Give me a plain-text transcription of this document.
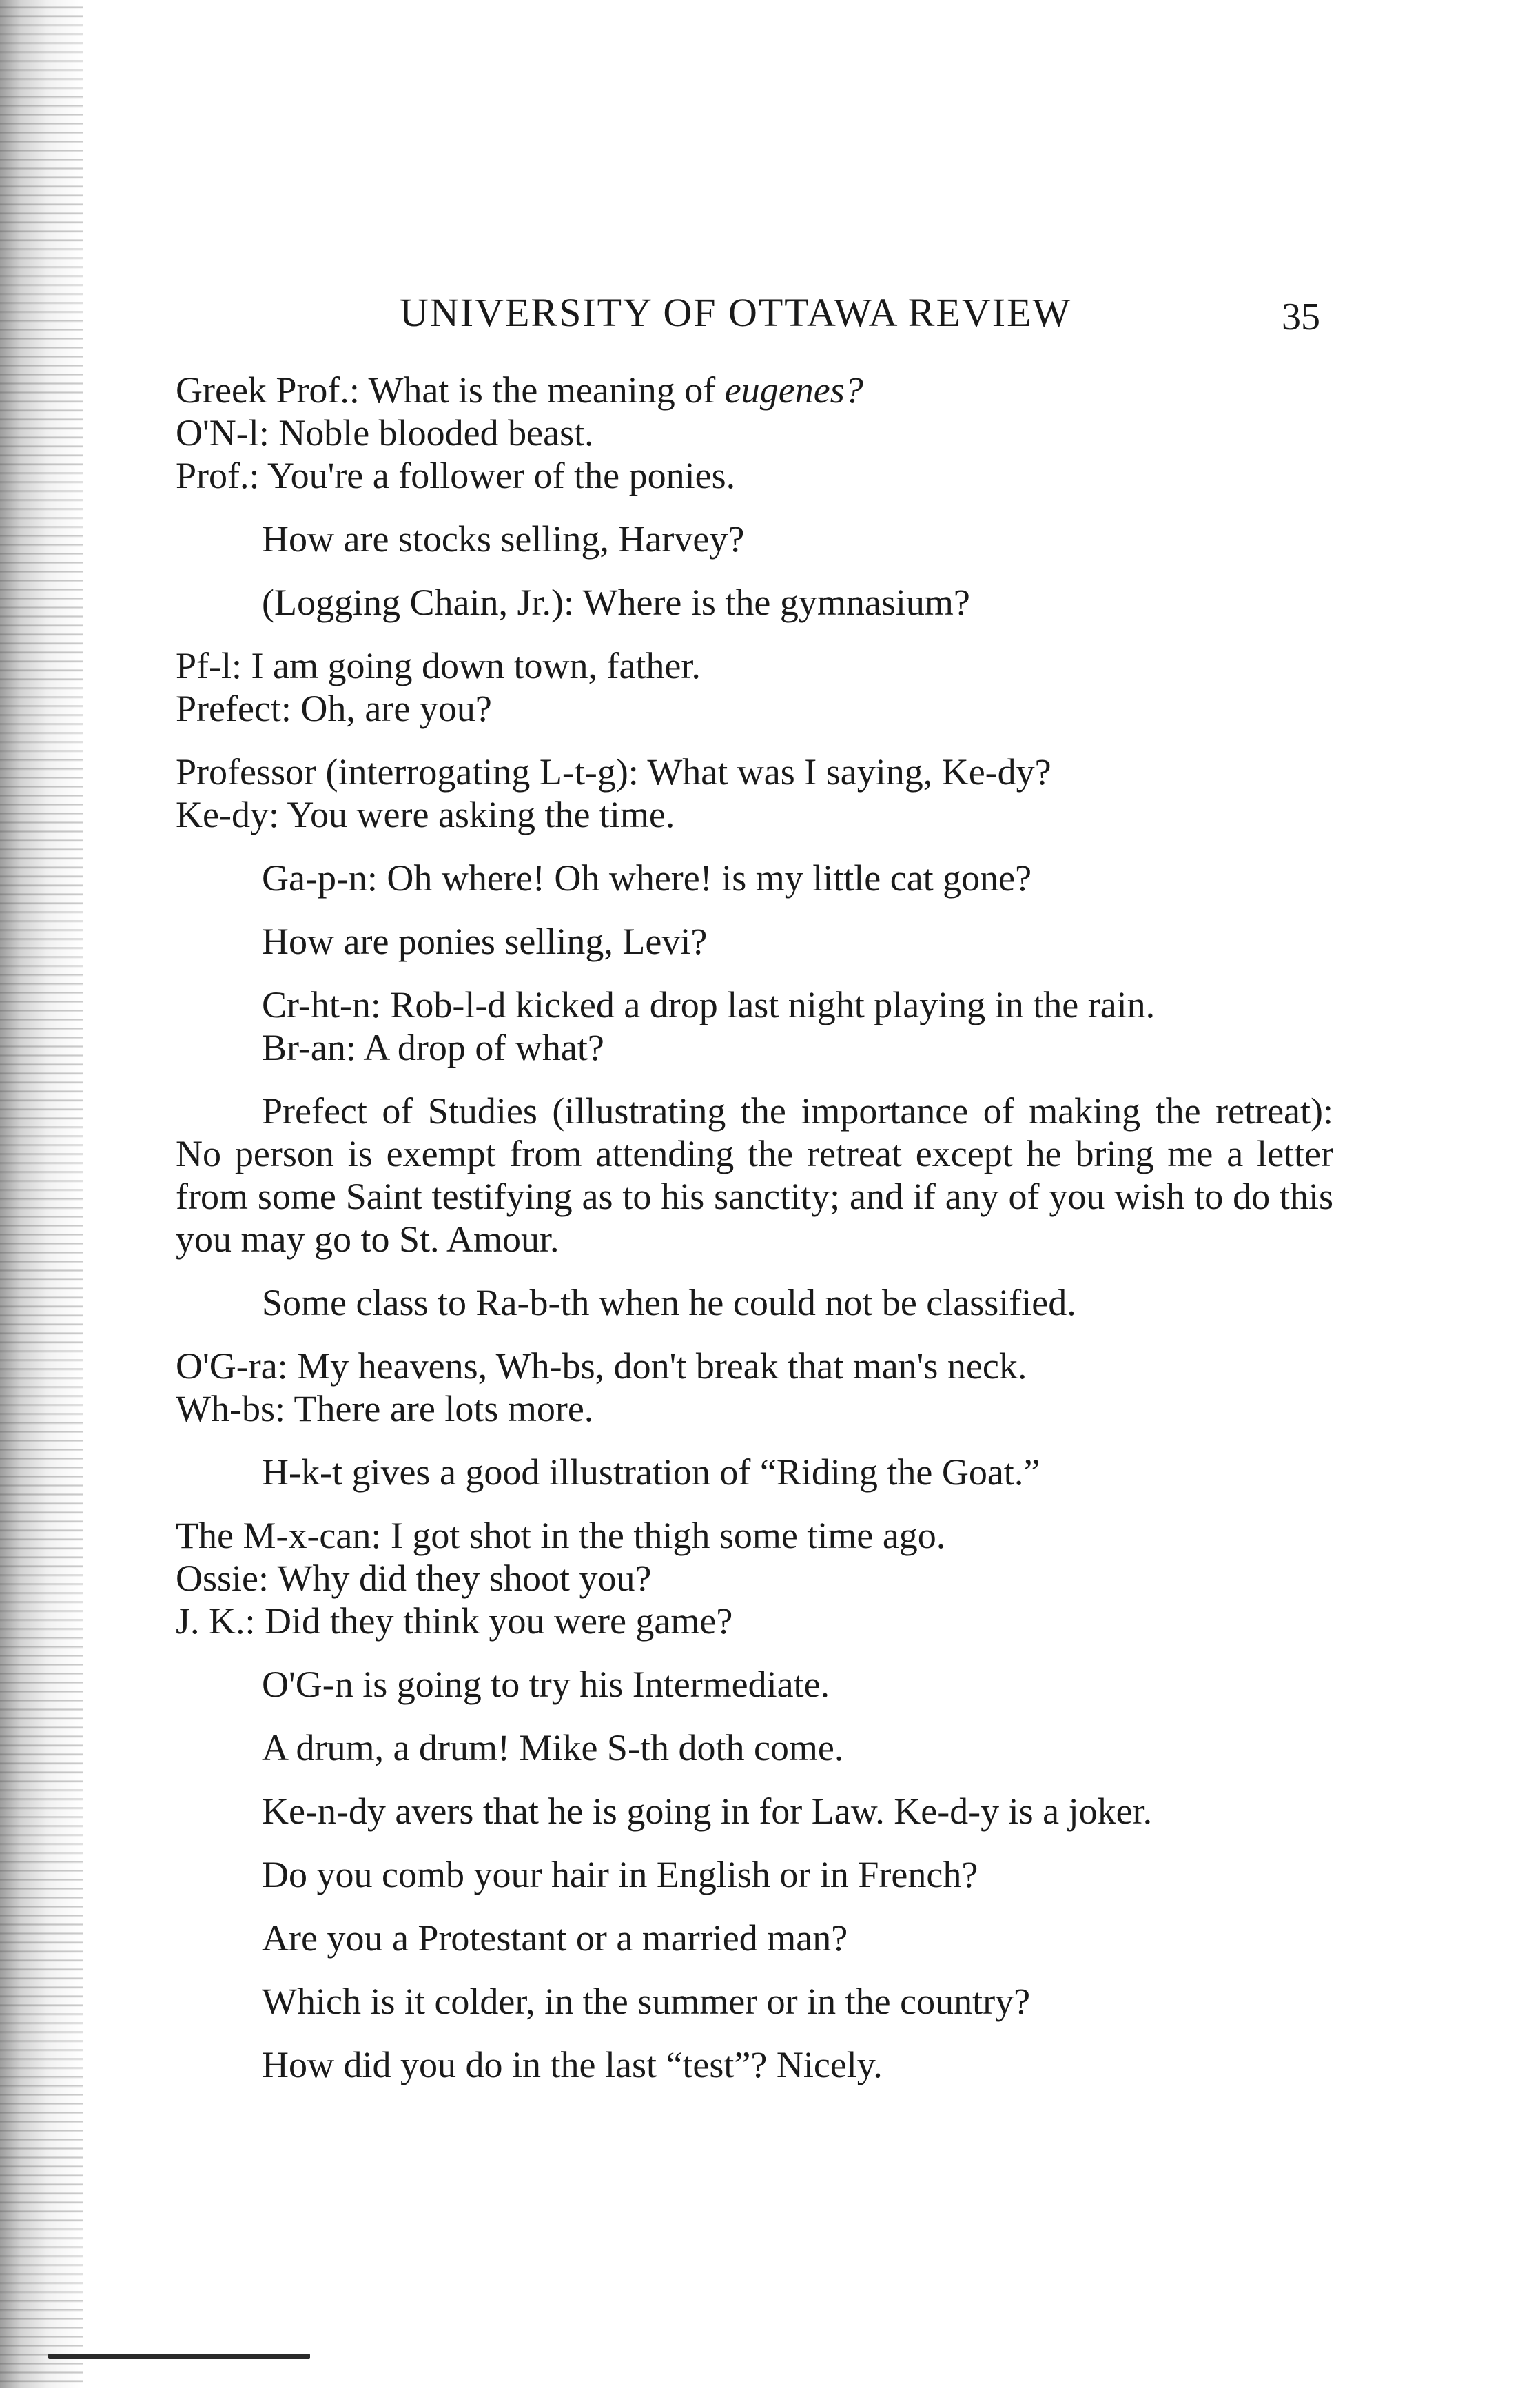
UNIVERSITY OF OTTAWA REVIEW	35

Greek Prof.: What is the meaning of eugenes?
O'N-l: Noble blooded beast.
Prof.: You're a follower of the ponies.

How are stocks selling, Harvey?

(Logging Chain, Jr.): Where is the gymnasium?

Pf-l: I am going down town, father.
Prefect: Oh, are you?

Professor (interrogating L-t-g): What was I saying, Ke-dy?
Ke-dy: You were asking the time.

Ga-p-n: Oh where! Oh where! is my little cat gone?

How are ponies selling, Levi?

Cr-ht-n: Rob-l-d kicked a drop last night playing in the rain.
Br-an: A drop of what?

Prefect of Studies (illustrating the importance of making the retreat): No person is exempt from attending the retreat except he bring me a letter from some Saint testifying as to his sanctity; and if any of you wish to do this you may go to St. Amour.

Some class to Ra-b-th when he could not be classified.

O'G-ra: My heavens, Wh-bs, don't break that man's neck.
Wh-bs: There are lots more.

H-k-t gives a good illustration of “Riding the Goat.”

The M-x-can: I got shot in the thigh some time ago.
Ossie: Why did they shoot you?
J. K.: Did they think you were game?

O'G-n is going to try his Intermediate.

A drum, a drum! Mike S-th doth come.

Ke-n-dy avers that he is going in for Law. Ke-d-y is a joker.

Do you comb your hair in English or in French?

Are you a Protestant or a married man?

Which is it colder, in the summer or in the country?

How did you do in the last “test”? Nicely.
